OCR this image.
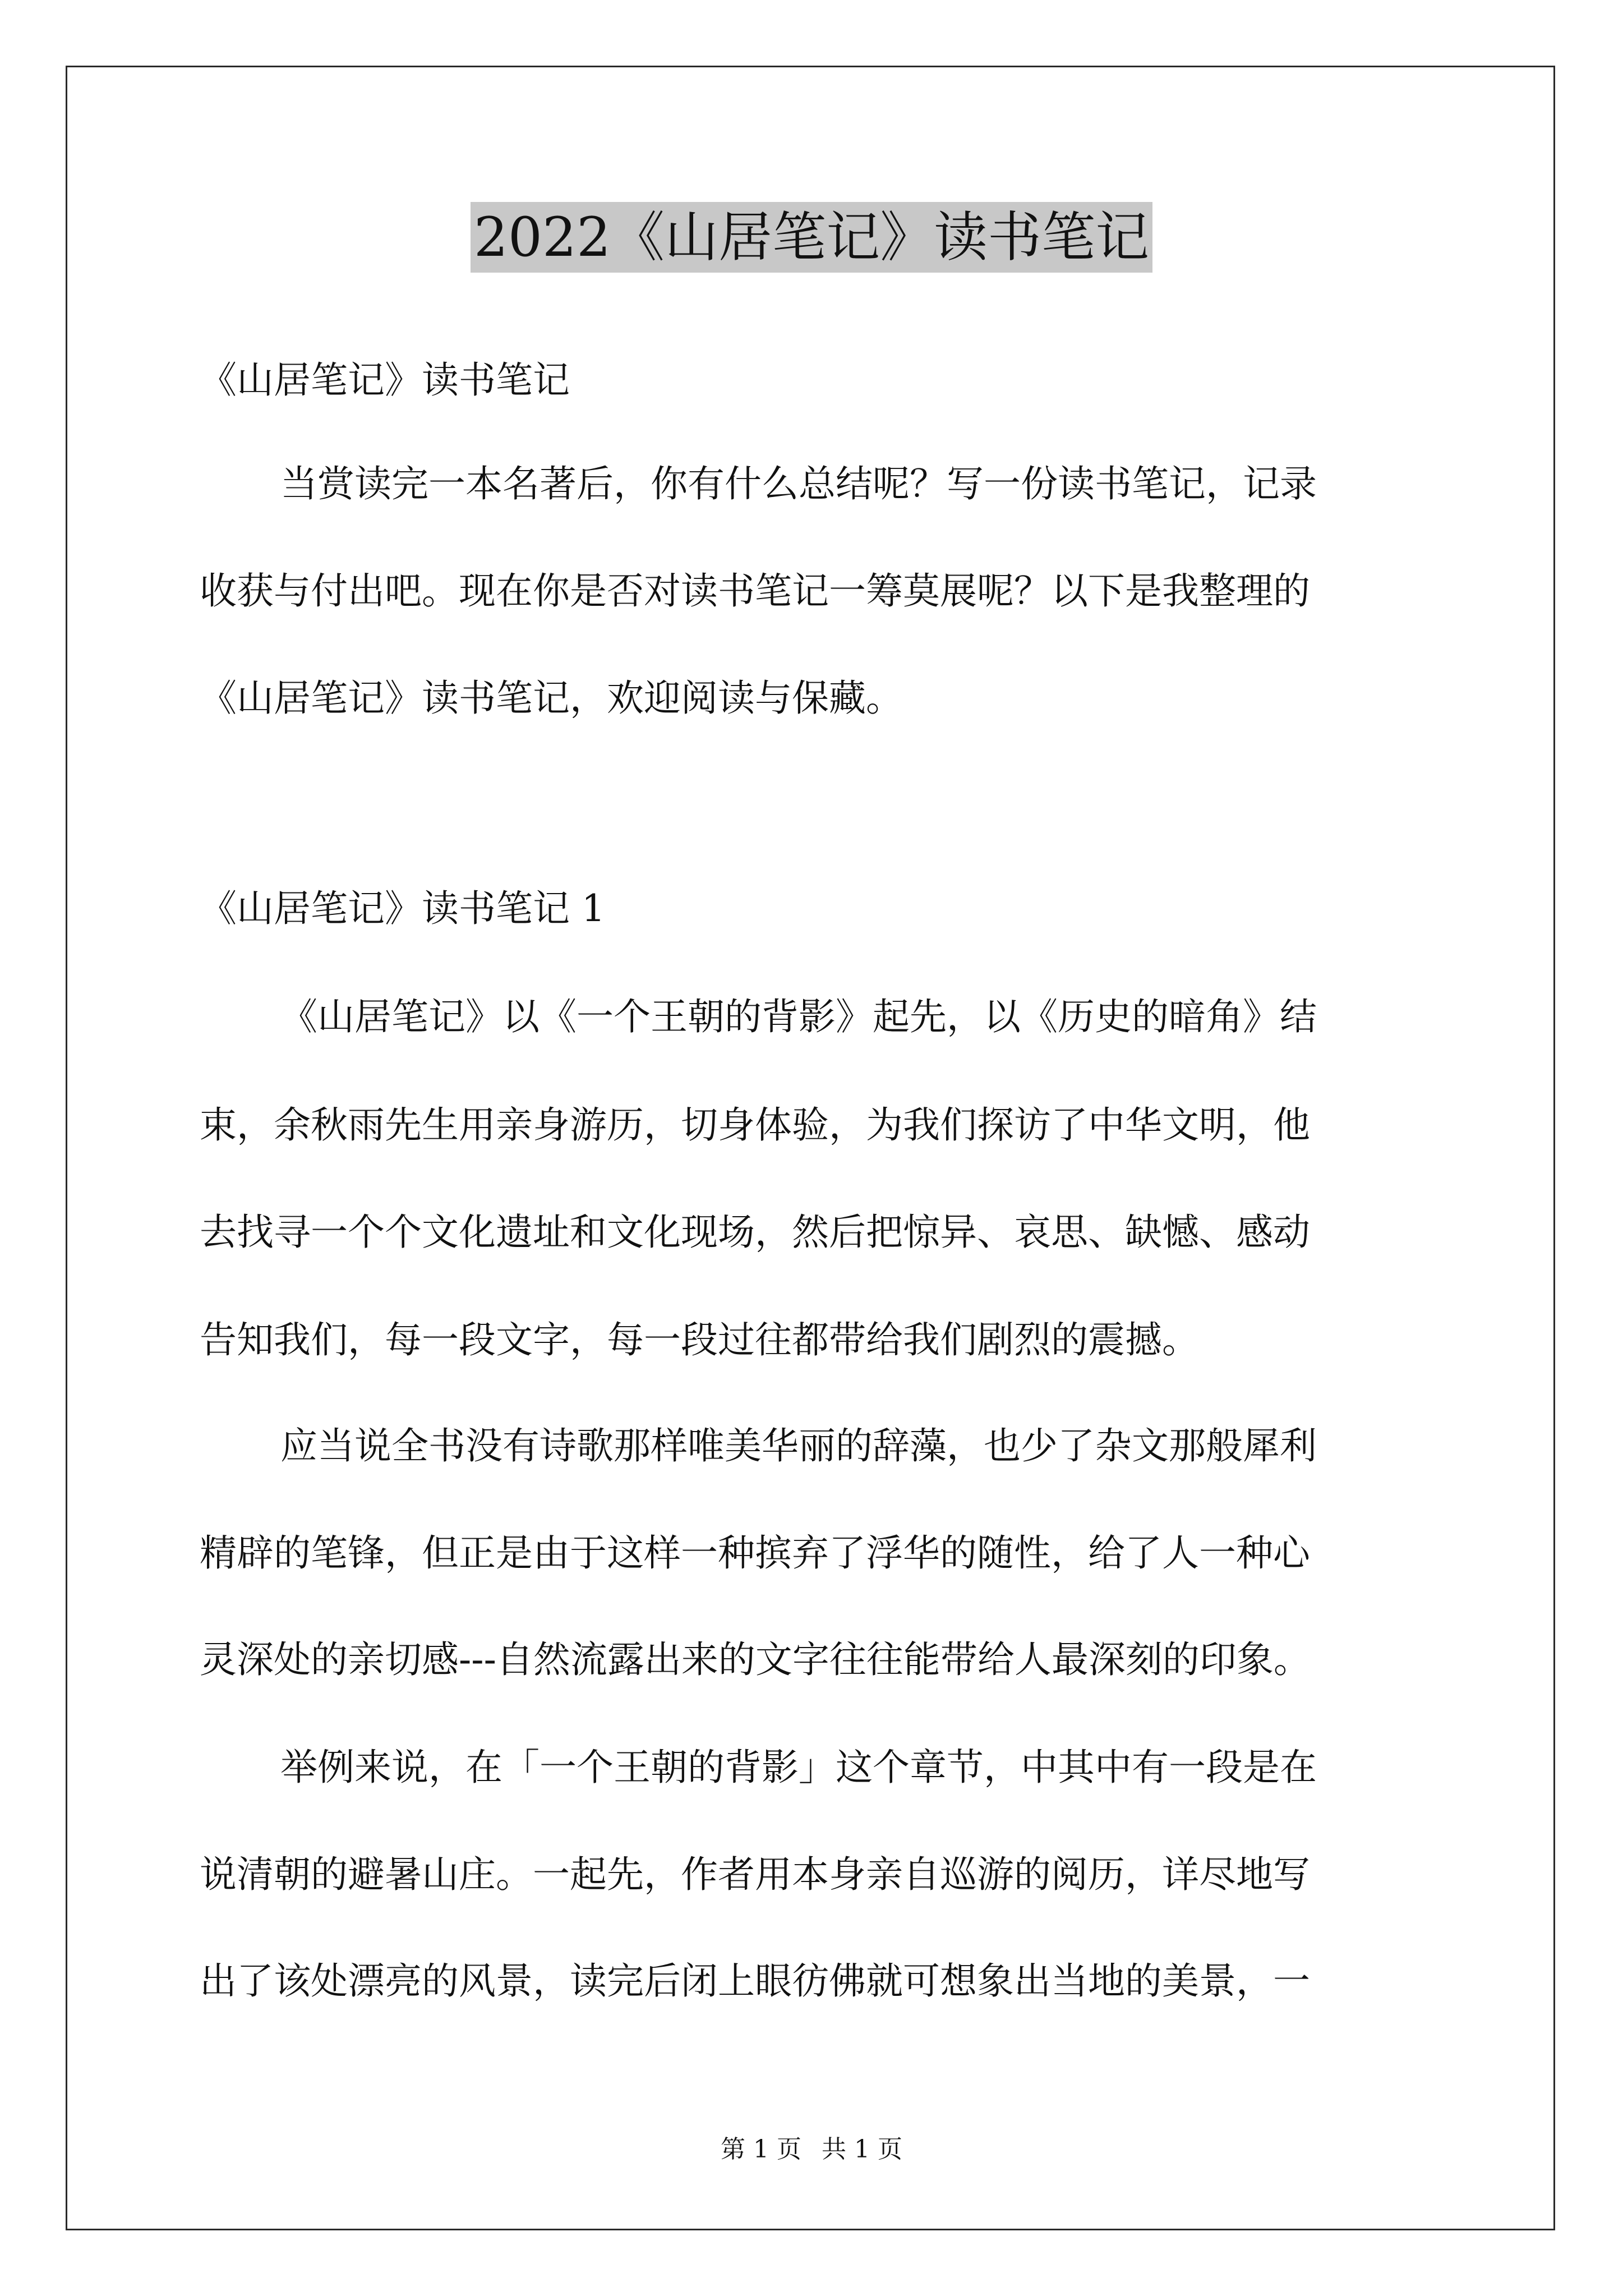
2022《山居笔记》读书笔记
《山居笔记》读书笔记
当赏读完一本名著后，你有什么总结呢？写一份读书笔记，记录
收获与付出吧。现在你是否对读书笔记一筹莫展呢？以下是我整理的
《山居笔记》读书笔记，欢迎阅读与保藏。
《山居笔记》读书笔记 1
《山居笔记》以《一个王朝的背影》起先，以《历史的暗角》结
束，余秋雨先生用亲身游历，切身体验，为我们探访了中华文明，他
去找寻一个个文化遗址和文化现场，然后把惊异、哀思、缺憾、感动
告知我们，每一段文字，每一段过往都带给我们剧烈的震撼。
应当说全书没有诗歌那样唯美华丽的辞藻，也少了杂文那般犀利
精辟的笔锋，但正是由于这样一种摈弃了浮华的随性，给了人一种心
灵深处的亲切感---自然流露出来的文字往往能带给人最深刻的印象。
举例来说，在「一个王朝的背影」这个章节，中其中有一段是在
说清朝的避暑山庄。一起先，作者用本身亲自巡游的阅历，详尽地写
出了该处漂亮的风景，读完后闭上眼彷佛就可想象出当地的美景，一
第 1 页 共 1 页
